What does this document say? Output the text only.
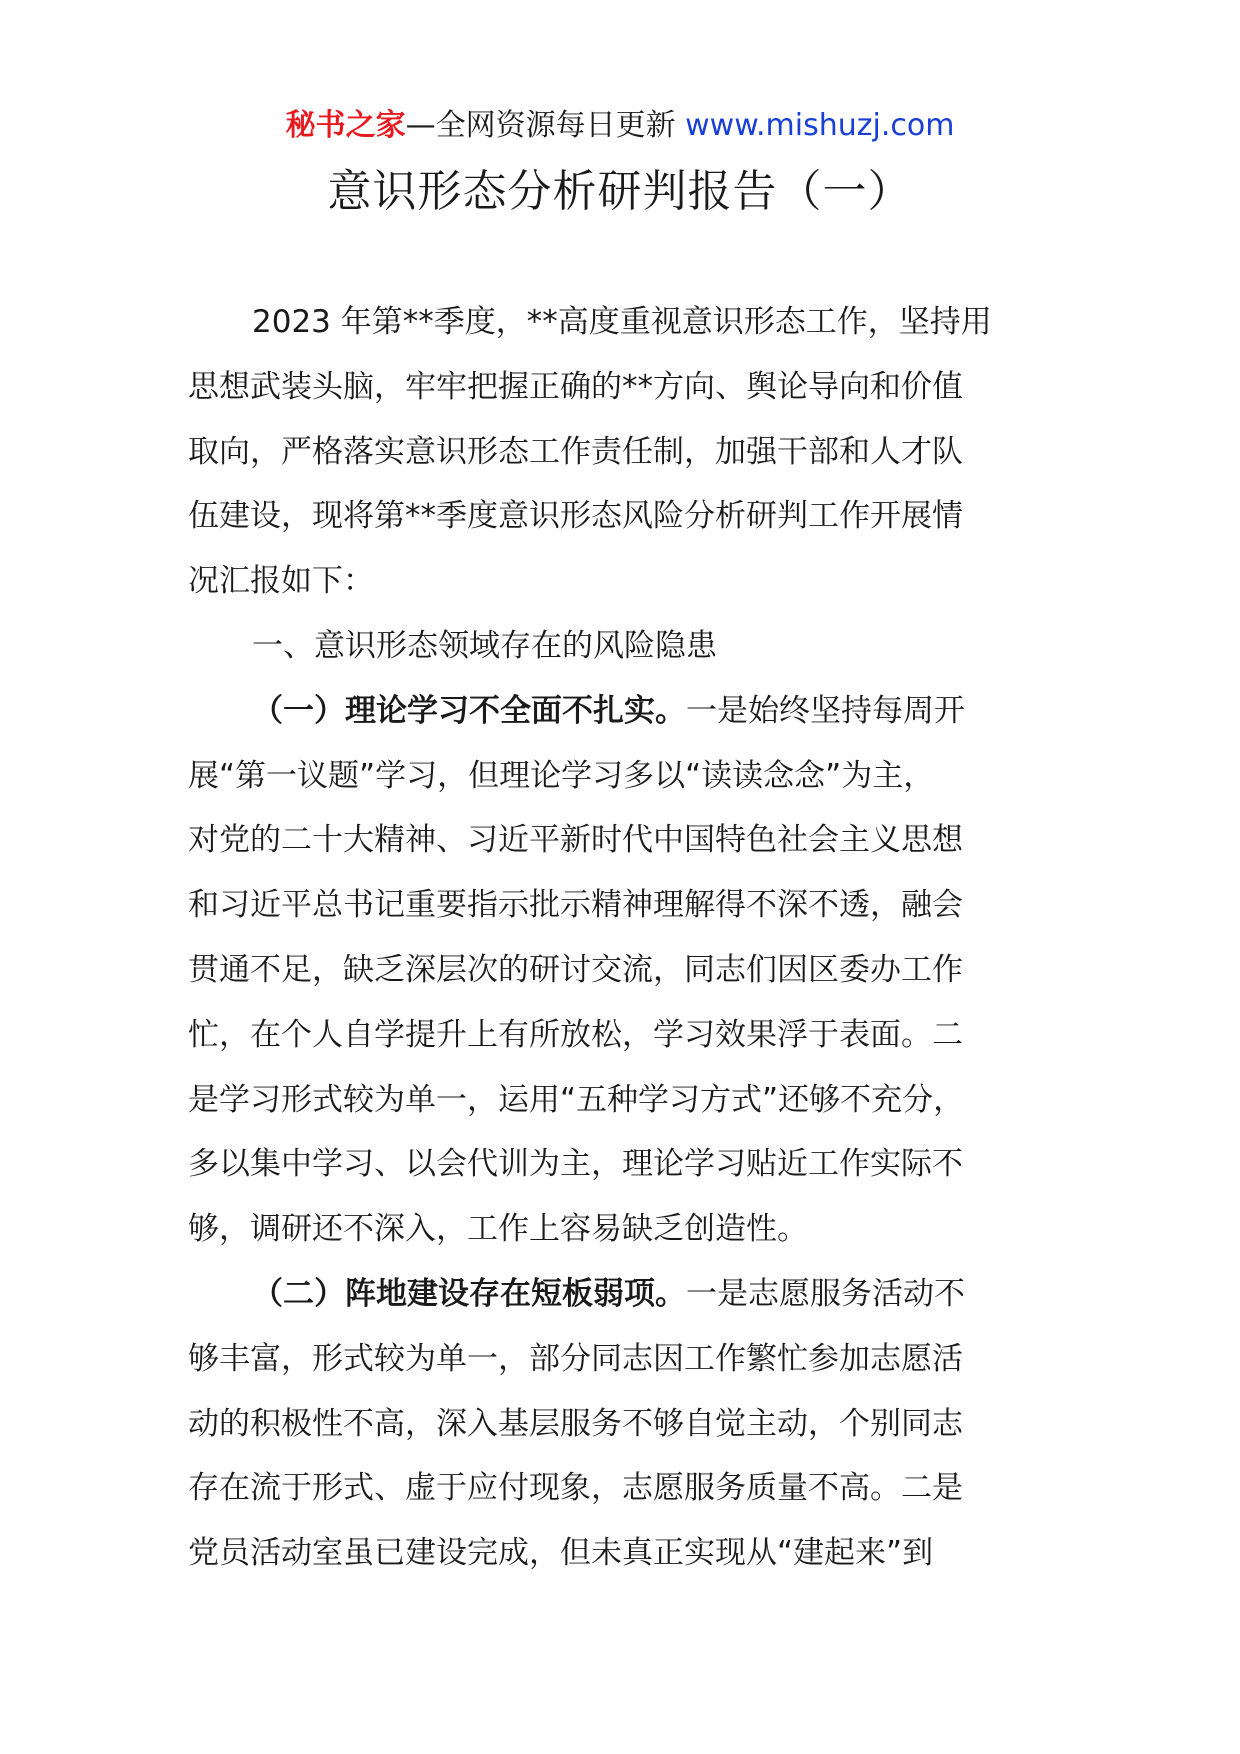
秘书之家—全网资源每日更新 www.mishuzj.com
意识形态分析研判报告（一）
2023 年第**季度，**高度重视意识形态工作，坚持用
思想武装头脑，牢牢把握正确的**方向、舆论导向和价值
取向，严格落实意识形态工作责任制，加强干部和人才队
伍建设，现将第**季度意识形态风险分析研判工作开展情
况汇报如下：
一、意识形态领域存在的风险隐患
（一）理论学习不全面不扎实。一是始终坚持每周开
展“第一议题”学习，但理论学习多以“读读念念”为主，
对党的二十大精神、习近平新时代中国特色社会主义思想
和习近平总书记重要指示批示精神理解得不深不透，融会
贯通不足，缺乏深层次的研讨交流，同志们因区委办工作
忙，在个人自学提升上有所放松，学习效果浮于表面。二
是学习形式较为单一，运用“五种学习方式”还够不充分，
多以集中学习、以会代训为主，理论学习贴近工作实际不
够，调研还不深入，工作上容易缺乏创造性。
（二）阵地建设存在短板弱项。一是志愿服务活动不
够丰富，形式较为单一，部分同志因工作繁忙参加志愿活
动的积极性不高，深入基层服务不够自觉主动，个别同志
存在流于形式、虚于应付现象，志愿服务质量不高。二是
党员活动室虽已建设完成，但未真正实现从“建起来”到
